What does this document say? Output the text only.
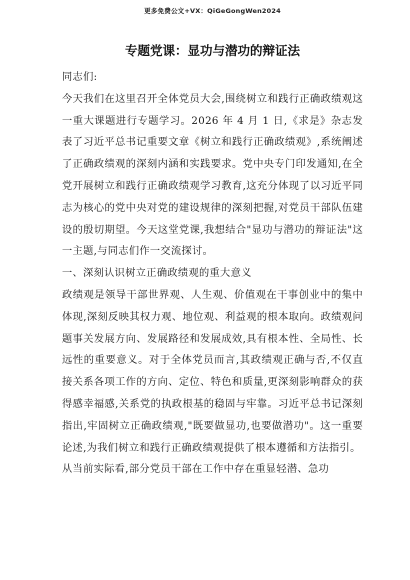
更多免费公文+VX：QiGeGongWen2024
专题党课：显功与潜功的辩证法

同志们:

今天我们在这里召开全体党员大会,围绕树立和践行正确政绩观这一重大课题进行专题学习。2026 年 4 月 1 日,《求是》杂志发表了习近平总书记重要文章《树立和践行正确政绩观》,系统阐述了正确政绩观的深刻内涵和实践要求。党中央专门印发通知,在全党开展树立和践行正确政绩观学习教育,这充分体现了以习近平同志为核心的党中央对党的建设规律的深刻把握,对党员干部队伍建设的殷切期望。今天这堂党课,我想结合"显功与潜功的辩证法"这一主题,与同志们作一交流探讨。

一、深刻认识树立正确政绩观的重大意义

政绩观是领导干部世界观、人生观、价值观在干事创业中的集中体现,深刻反映其权力观、地位观、利益观的根本取向。政绩观问题事关发展方向、发展路径和发展成效,具有根本性、全局性、长远性的重要意义。对于全体党员而言,其政绩观正确与否,不仅直接关系各项工作的方向、定位、特色和质量,更深刻影响群众的获得感幸福感,关系党的执政根基的稳固与牢靠。习近平总书记深刻指出,牢固树立正确政绩观,"既要做显功,也要做潜功"。这一重要论述,为我们树立和践行正确政绩观提供了根本遵循和方法指引。

从当前实际看,部分党员干部在工作中存在重显轻潜、急功
